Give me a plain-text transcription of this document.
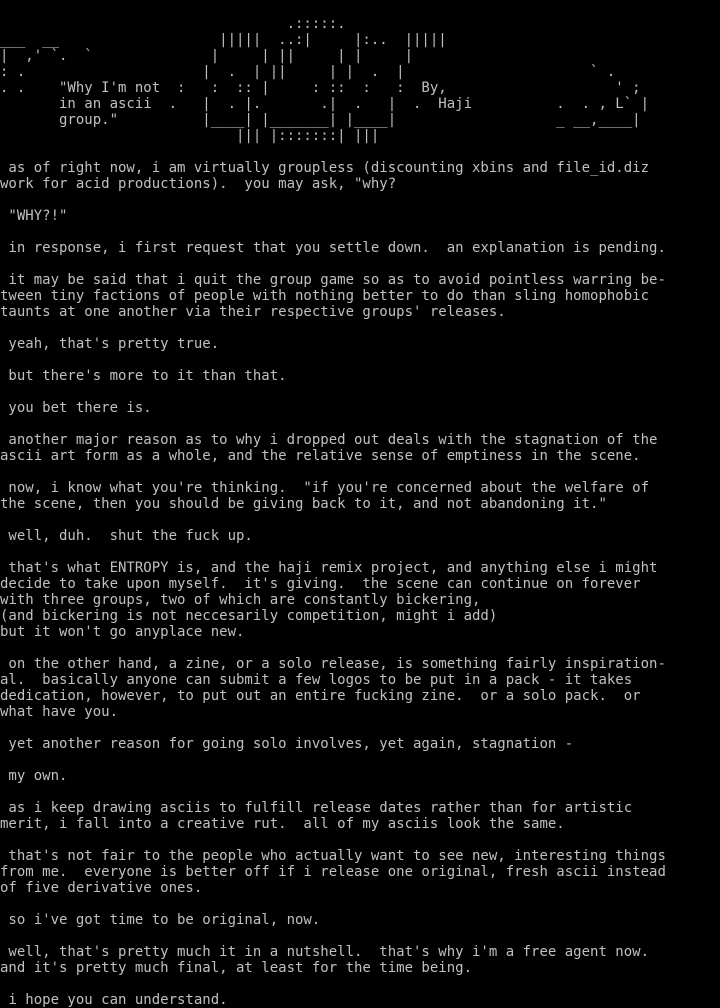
.:::::.
___  __                   |||||  ..:|     |:..  |||||
|  ,' `.  `              |     | ||     | |     |
: .                     |  .  | ||     | |  .  |                      ` .
. .    "Why I'm not  :   :  :: |     : ::  :   :  By,                    ' ;
in an ascii  .   |  . |.       .|  .   |  .  Haji          .  . , L` |
group."          |____| |_______| |____|                   _ __,____|
||| |:::::::| |||
as of right now, i am virtually groupless (discounting xbins and file_id.diz
work for acid productions).  you may ask, "why?

"WHY?!"

in response, i first request that you settle down.  an explanation is pending.

it may be said that i quit the group game so as to avoid pointless warring be-
tween tiny factions of people with nothing better to do than sling homophobic
taunts at one another via their respective groups' releases.

yeah, that's pretty true.

but there's more to it than that.

you bet there is.

another major reason as to why i dropped out deals with the stagnation of the
ascii art form as a whole, and the relative sense of emptiness in the scene.

now, i know what you're thinking.  "if you're concerned about the welfare of
the scene, then you should be giving back to it, and not abandoning it."

well, duh.  shut the fuck up.

that's what ENTROPY is, and the haji remix project, and anything else i might
decide to take upon myself.  it's giving.  the scene can continue on forever
with three groups, two of which are constantly bickering,
(and bickering is not neccesarily competition, might i add)
but it won't go anyplace new.

on the other hand, a zine, or a solo release, is something fairly inspiration-
al.  basically anyone can submit a few logos to be put in a pack - it takes
dedication, however, to put out an entire fucking zine.  or a solo pack.  or
what have you.

yet another reason for going solo involves, yet again, stagnation -

my own.

as i keep drawing asciis to fulfill release dates rather than for artistic
merit, i fall into a creative rut.  all of my asciis look the same.

that's not fair to the people who actually want to see new, interesting things
from me.  everyone is better off if i release one original, fresh ascii instead
of five derivative ones.

so i've got time to be original, now.

well, that's pretty much it in a nutshell.  that's why i'm a free agent now.
and it's pretty much final, at least for the time being.

i hope you can understand.
